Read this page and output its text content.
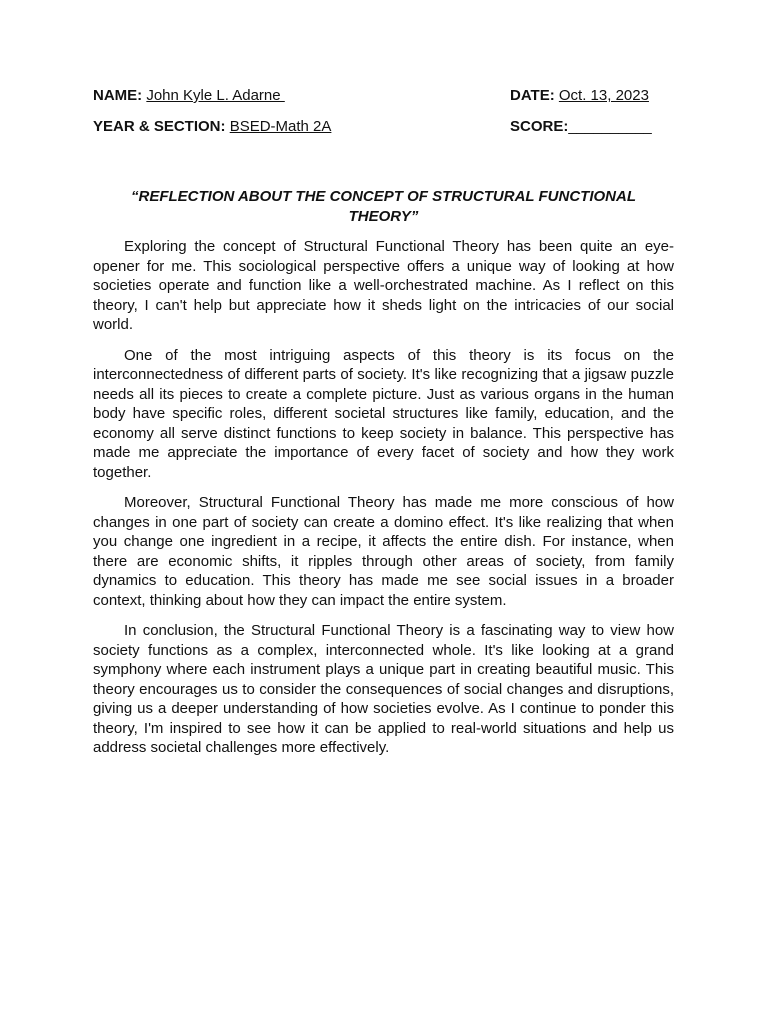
NAME: John Kyle L. Adarne	DATE: Oct. 13, 2023
YEAR & SECTION: BSED-Math 2A	SCORE:__________
“REFLECTION ABOUT THE CONCEPT OF STRUCTURAL FUNCTIONAL THEORY”

Exploring the concept of Structural Functional Theory has been quite an eye-opener for me. This sociological perspective offers a unique way of looking at how societies operate and function like a well-orchestrated machine. As I reflect on this theory, I can't help but appreciate how it sheds light on the intricacies of our social world.

One of the most intriguing aspects of this theory is its focus on the interconnectedness of different parts of society. It's like recognizing that a jigsaw puzzle needs all its pieces to create a complete picture. Just as various organs in the human body have specific roles, different societal structures like family, education, and the economy all serve distinct functions to keep society in balance. This perspective has made me appreciate the importance of every facet of society and how they work together.

Moreover, Structural Functional Theory has made me more conscious of how changes in one part of society can create a domino effect. It's like realizing that when you change one ingredient in a recipe, it affects the entire dish. For instance, when there are economic shifts, it ripples through other areas of society, from family dynamics to education. This theory has made me see social issues in a broader context, thinking about how they can impact the entire system.

In conclusion, the Structural Functional Theory is a fascinating way to view how society functions as a complex, interconnected whole. It's like looking at a grand symphony where each instrument plays a unique part in creating beautiful music. This theory encourages us to consider the consequences of social changes and disruptions, giving us a deeper understanding of how societies evolve. As I continue to ponder this theory, I'm inspired to see how it can be applied to real-world situations and help us address societal challenges more effectively.
